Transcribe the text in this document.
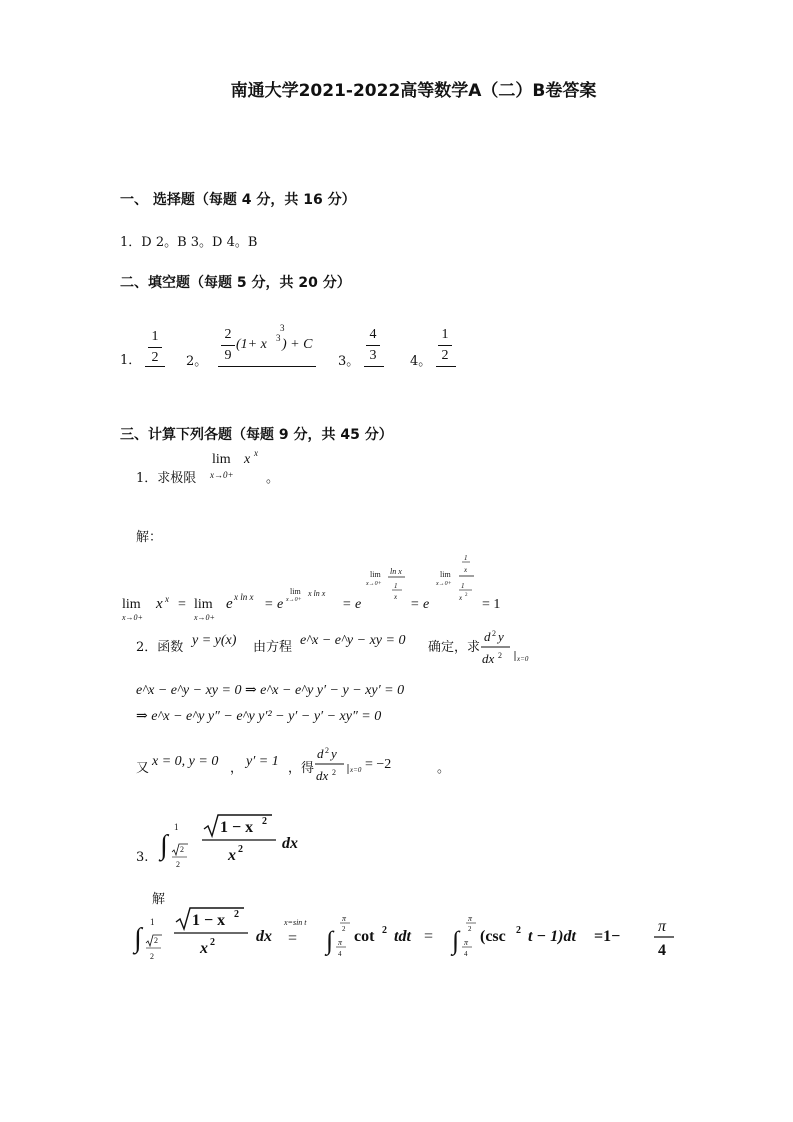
南通大学2021-2022高等数学A（二）B卷答案
一、 选择题（每题 4 分，共 16 分）
1．D 2。B 3。D 4。B
二、填空题（每题 5 分，共 20 分）
1．
1
2 2。
2
9
(1+ x 3
3
) + C
3。
4
3	4。
1
2
三、计算下列各题（每题 9 分，共 45 分）
1．求极限
lim
x→0+
x x
。
解：
lim
x→0+
x x = lim
x→0+
e x ln x = e
lim
x→0+
x ln x
= e
lim
x→0+
ln x
1
x = e
lim
x→0+
1
x
1
x 2
= 1
2．函数 y = y(x) 由方程 e^x − e^y − xy = 0 确定，求
d 2 y
dx 2 x=0
e^x − e^y − xy = 0 ⇒ e^x − e^y y′ − y − xy′ = 0
⇒ e^x − e^y y″ − e^y y′² − y′ − y′ − xy″ = 0
又 x = 0, y = 0 ， y′ = 1 ，得
d 2 y
dx 2 x=0 = −2	。
3. ∫
1
2
2
1 − x 2
x 2 dx
解
∫
1
2
2
1 − x 2
x 2	dx
x=sin t
= ∫
π
2
π
4
cot 2 tdt = ∫
π
2
π
4
(csc 2 t − 1)dt =1−
π
4
